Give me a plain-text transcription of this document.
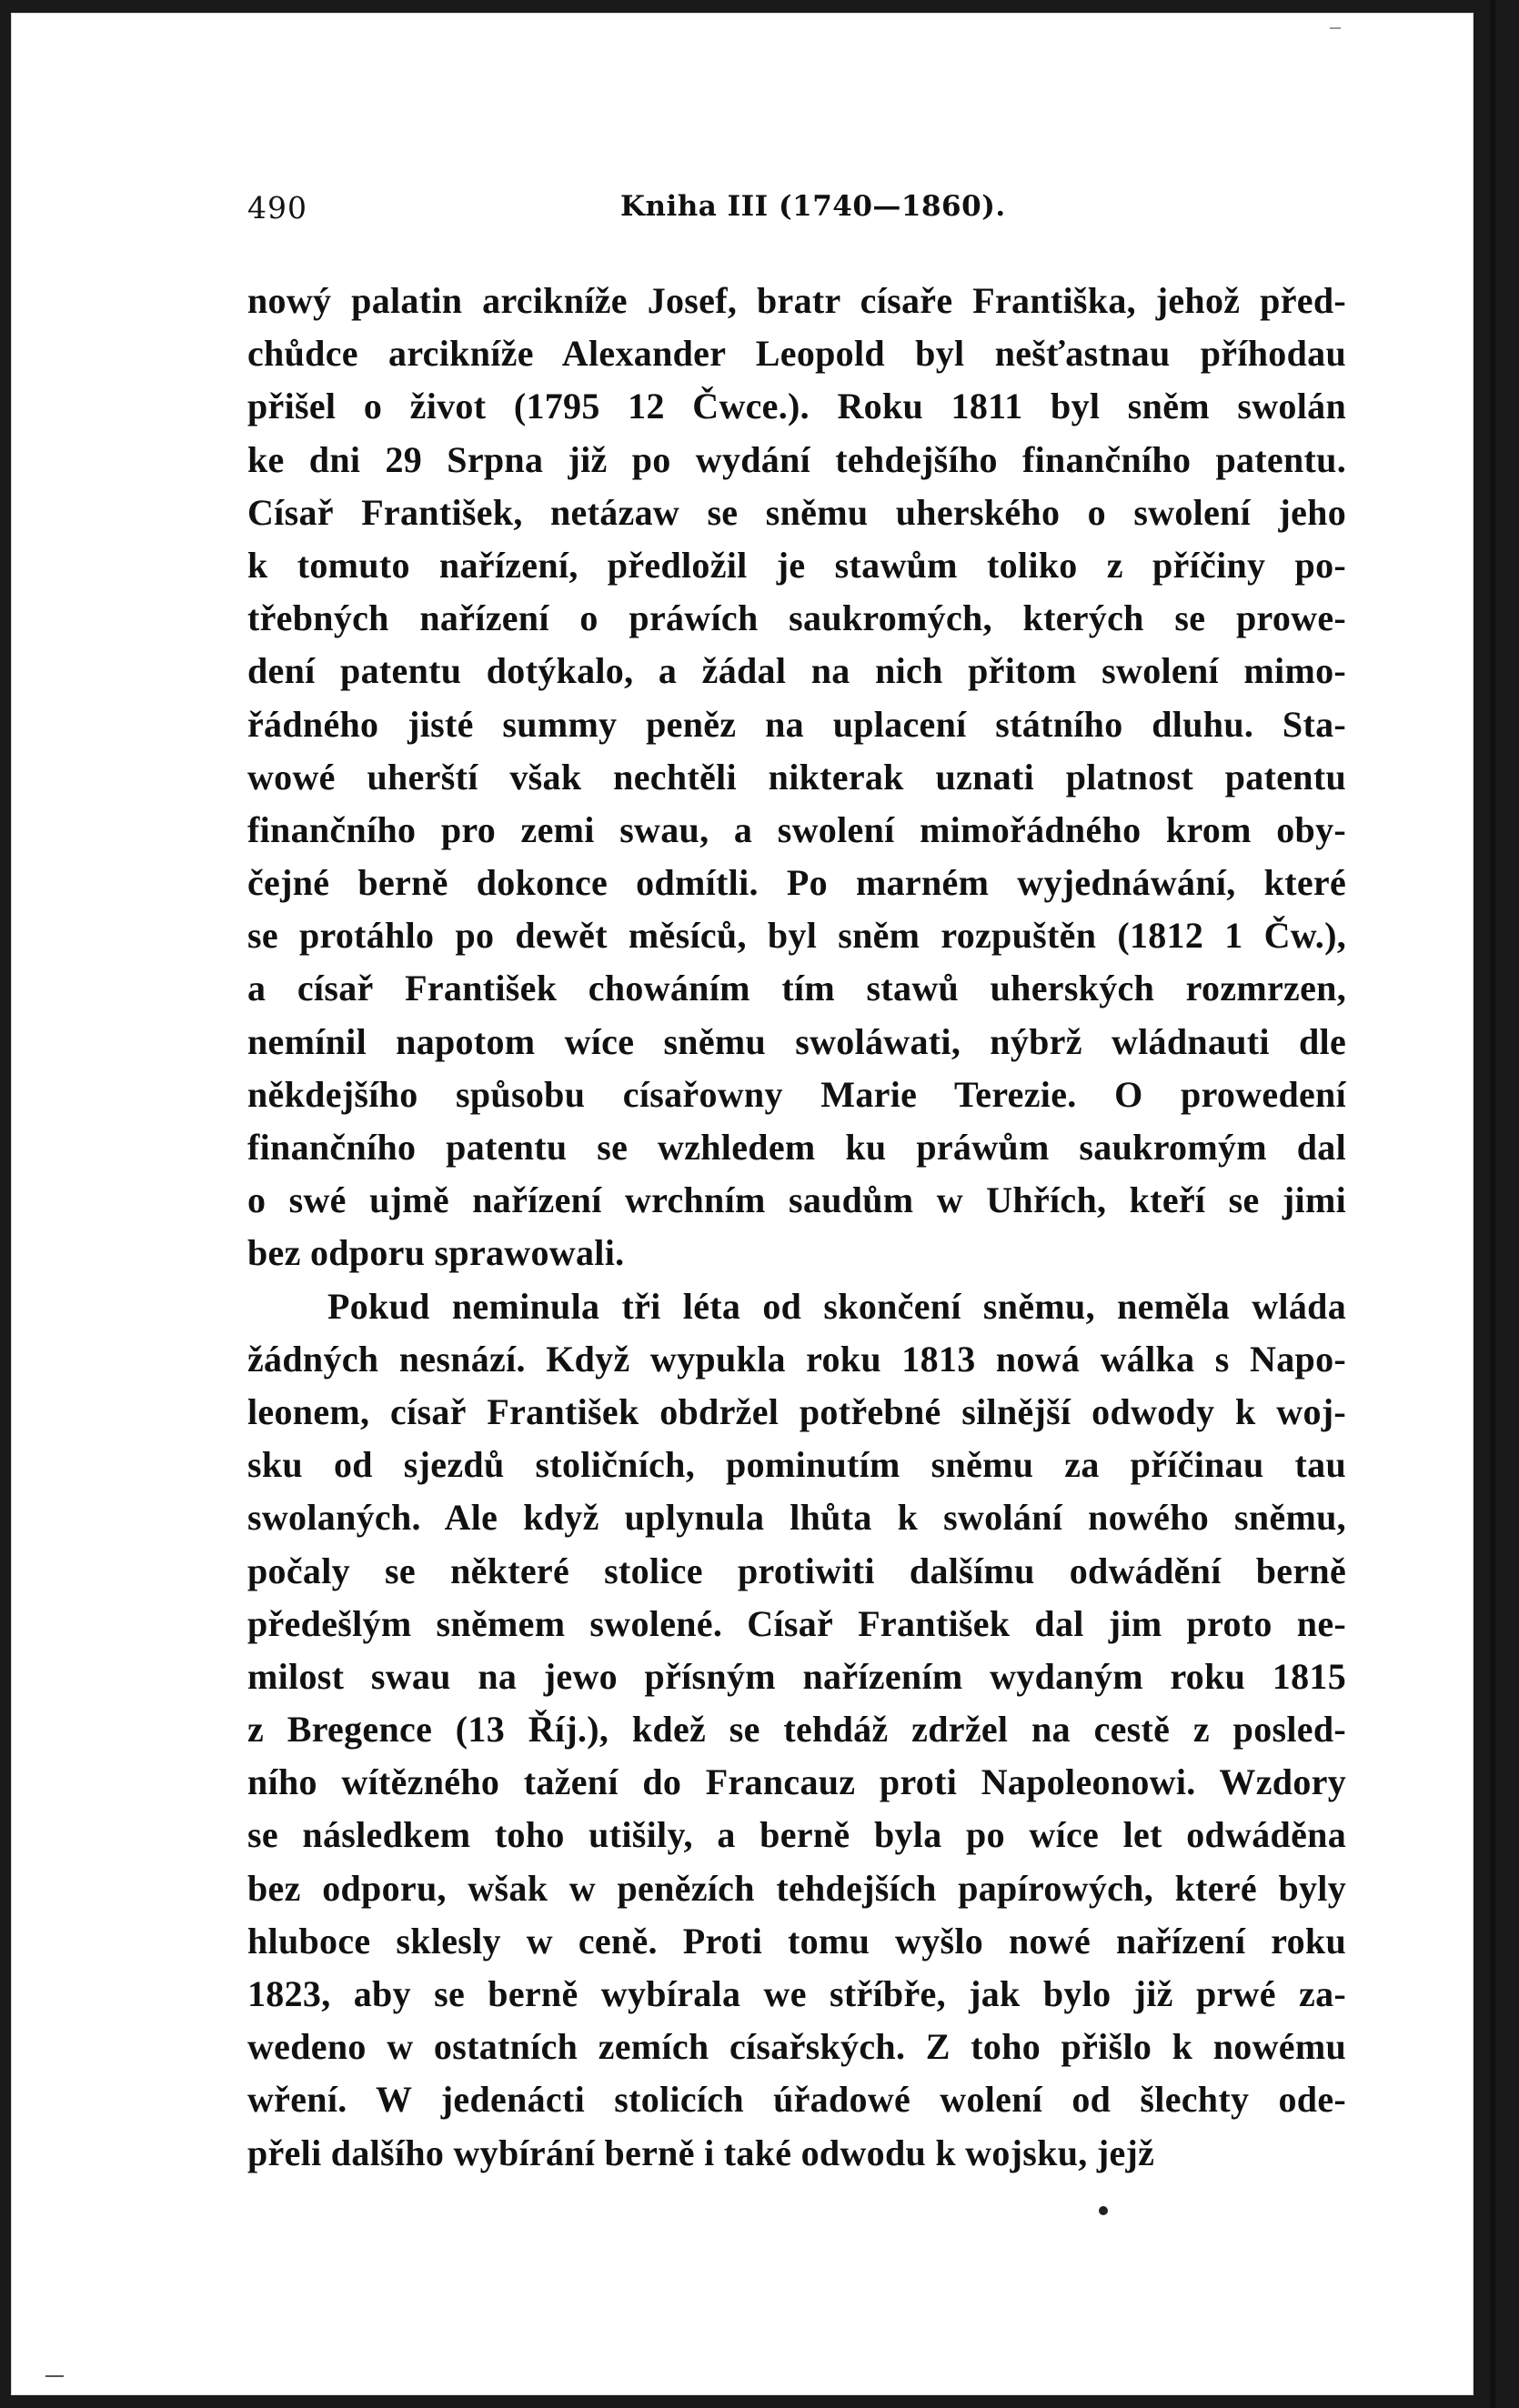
490	Kniha III (1740—1860).
nowý palatin arcikníže Josef, bratr císaře Františka, jehož před-
chůdce arcikníže Alexander Leopold byl nešťastnau příhodau
přišel o život (1795 12 Čwce.). Roku 1811 byl sněm swolán
ke dni 29 Srpna již po wydání tehdejšího finančního patentu.
Císař František, netázaw se sněmu uherského o swolení jeho
k tomuto nařízení, předložil je stawům toliko z příčiny po-
třebných nařízení o práwích saukromých, kterých se prowe-
dení patentu dotýkalo, a žádal na nich přitom swolení mimo-
řádného jisté summy peněz na uplacení státního dluhu. Sta-
wowé uherští však nechtěli nikterak uznati platnost patentu
finančního pro zemi swau, a swolení mimořádného krom oby-
čejné berně dokonce odmítli. Po marném wyjednáwání, které
se protáhlo po dewět měsíců, byl sněm rozpuštěn (1812 1 Čw.),
a císař František chowáním tím stawů uherských rozmrzen,
nemínil napotom wíce sněmu swoláwati, nýbrž wládnauti dle
někdejšího spůsobu císařowny Marie Terezie. O prowedení
finančního patentu se wzhledem ku práwům saukromým dal
o swé ujmě nařízení wrchním saudům w Uhřích, kteří se jimi
bez odporu sprawowali.
Pokud neminula tři léta od skončení sněmu, neměla wláda
žádných nesnází. Když wypukla roku 1813 nowá wálka s Napo-
leonem, císař František obdržel potřebné silnější odwody k woj-
sku od sjezdů stoličních, pominutím sněmu za příčinau tau
swolaných. Ale když uplynula lhůta k swolání nowého sněmu,
počaly se některé stolice protiwiti dalšímu odwádění berně
předešlým sněmem swolené. Císař František dal jim proto ne-
milost swau na jewo přísným nařízením wydaným roku 1815
z Bregence (13 Říj.), kdež se tehdáž zdržel na cestě z posled-
ního wítězného tažení do Francauz proti Napoleonowi. Wzdory
se následkem toho utišily, a berně byla po wíce let odwáděna
bez odporu, wšak w penězích tehdejších papírowých, které byly
hluboce sklesly w ceně. Proti tomu wyšlo nowé nařízení roku
1823, aby se berně wybírala we stříbře, jak bylo již prwé za-
wedeno w ostatních zemích císařských. Z toho přišlo k nowému
wření. W jedenácti stolicích úřadowé wolení od šlechty ode-
přeli dalšího wybírání berně i také odwodu k wojsku, jejž
